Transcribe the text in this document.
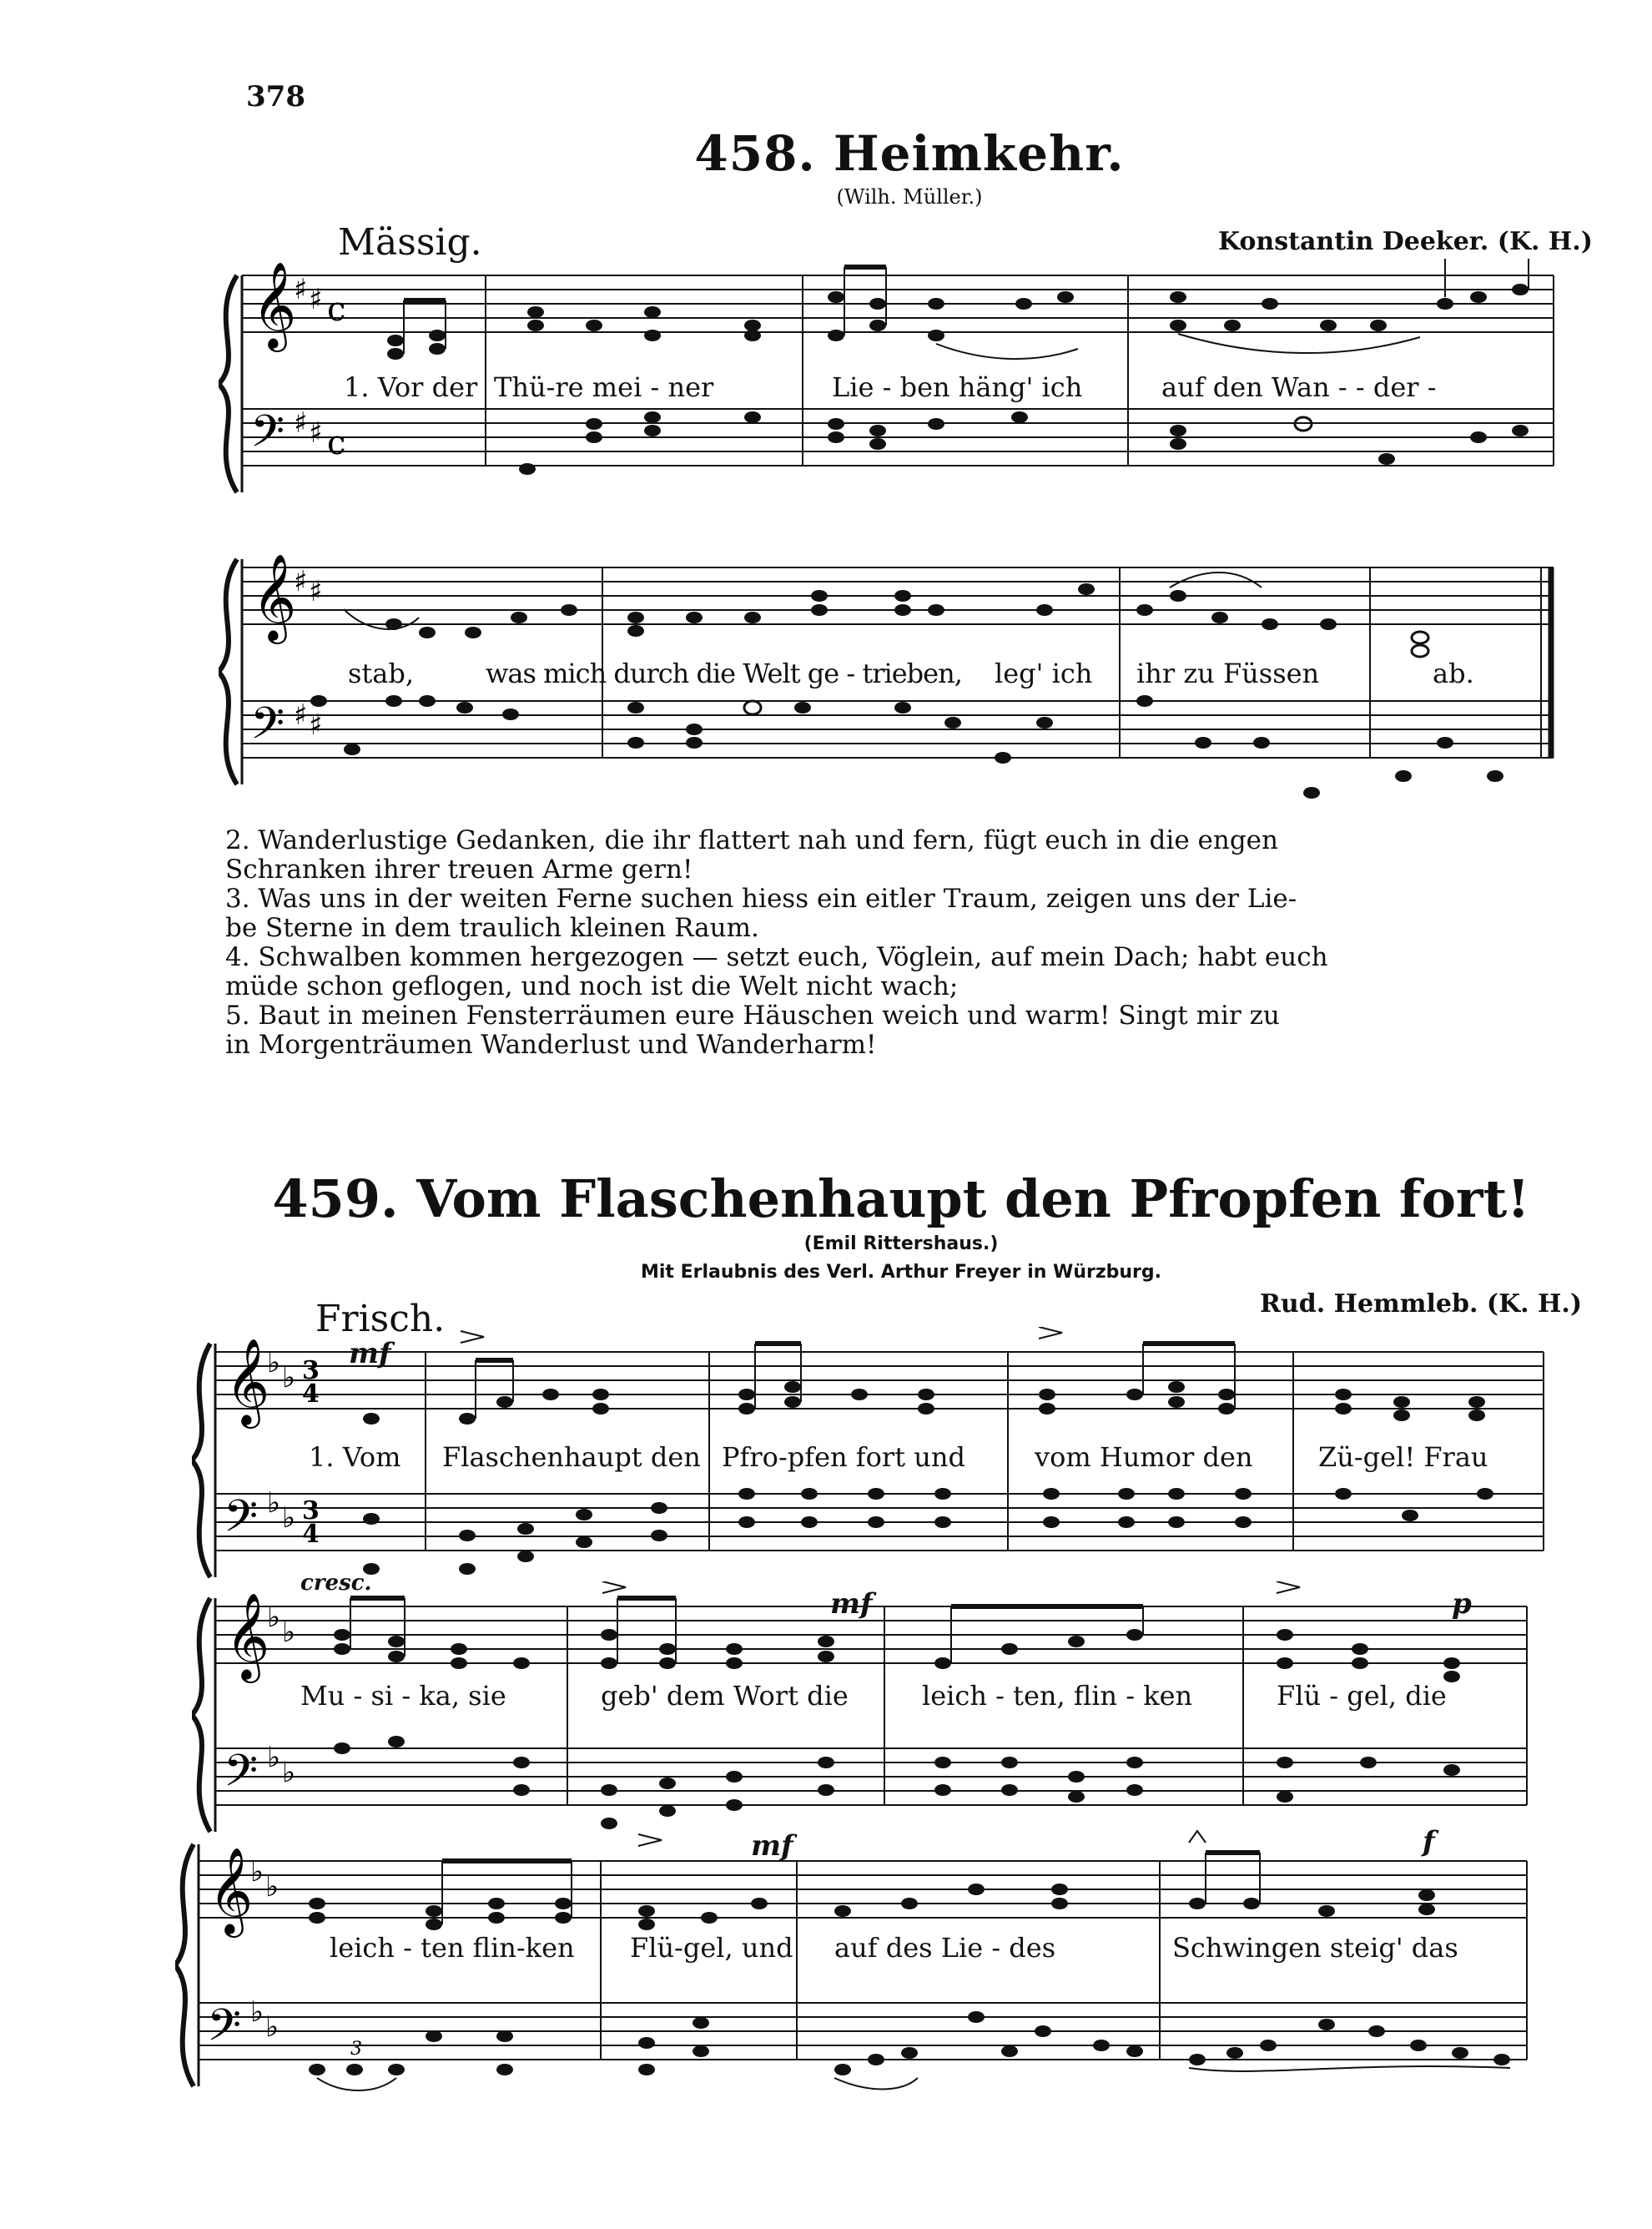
378
458. Heimkehr.
(Wilh. Müller.)
Mässig.	Konstantin Deeker. (K. H.)
𝄞
𝄢
♯ ♯
♯ ♯
c
c
1. Vor der Thü-re mei - ner	Lie - ben häng' ich	auf den Wan - - der -
𝄞
𝄢
♯ ♯
♯ ♯
stab,	was mich durch die Welt ge - trieben, leg' ich ihr zu Füssen	ab.
2. Wanderlustige Gedanken, die ihr flattert nah und fern, fügt euch in die engen
Schranken ihrer treuen Arme gern!
3. Was uns in der weiten Ferne suchen hiess ein eitler Traum, zeigen uns der Lie-
be Sterne in dem traulich kleinen Raum.
4. Schwalben kommen hergezogen — setzt euch, Vöglein, auf mein Dach; habt euch
müde schon geflogen, und noch ist die Welt nicht wach;
5. Baut in meinen Fensterräumen eure Häuschen weich und warm! Singt mir zu
in Morgenträumen Wanderlust und Wanderharm!
459. Vom Flaschenhaupt den Pfropfen fort!
(Emil Rittershaus.)
Mit Erlaubnis des Verl. Arthur Freyer in Würzburg.
Frisch.	Rud. Hemmleb. (K. H.)
mf
𝄞
𝄢
♭ ♭
♭ ♭
3
4
3
4
1. Vom Flaschenhaupt den Pfro-pfen fort und	vom Humor den Zü-gel! Frau
cresc.
mf	p
𝄞
𝄢
♭ ♭
♭ ♭
Mu - si - ka, sie	geb' dem Wort die	leich - ten, flin - ken	Flü - gel, die
mf	f
𝄞
𝄢
♭ ♭
♭ ♭
3
leich - ten flin-ken Flü-gel, und auf des Lie - des	Schwingen steig' das
